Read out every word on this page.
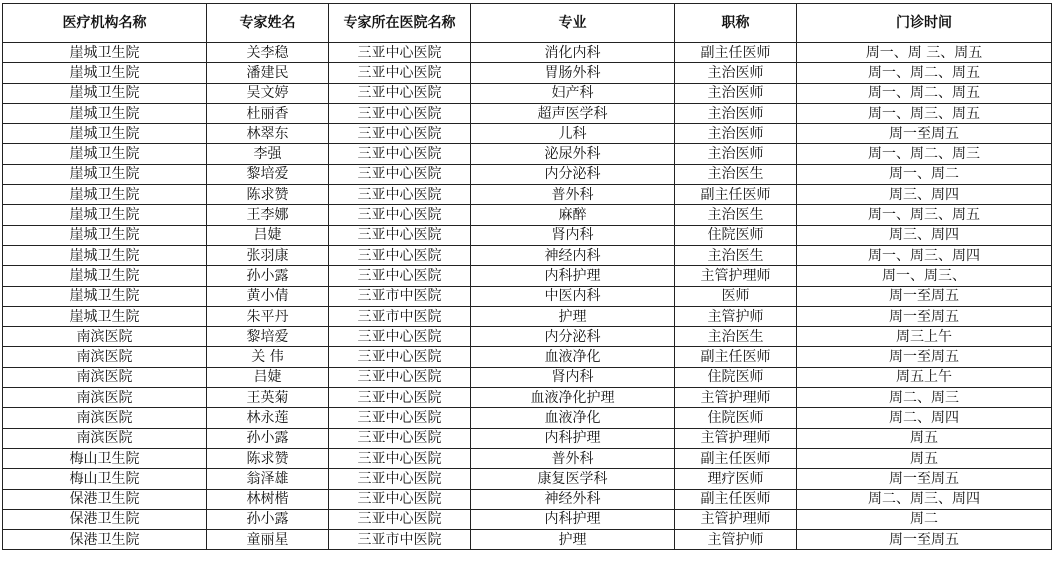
医疗机构名称	专家姓名	专家所在医院名称	专业	职称	门诊时间
崖城卫生院	关李稳	三亚中心医院	消化内科	副主任医师	周一、周 三、周五
崖城卫生院	潘建民	三亚中心医院	胃肠外科	主治医师	周一、周二、周五
崖城卫生院	吴文婷	三亚中心医院	妇产科	主治医师	周一、周二、周五
崖城卫生院	杜丽香	三亚中心医院	超声医学科	主治医师	周一、周三、周五
崖城卫生院	林翠东	三亚中心医院	儿科	主治医师	周一至周五
崖城卫生院	李强	三亚中心医院	泌尿外科	主治医师	周一、周二、周三
崖城卫生院	黎培爱	三亚中心医院	内分泌科	主治医生	周一、周二
崖城卫生院	陈求赞	三亚中心医院	普外科	副主任医师	周三、周四
崖城卫生院	王李娜	三亚中心医院	麻醉	主治医生	周一、周三、周五
崖城卫生院	吕婕	三亚中心医院	肾内科	住院医师	周三、周四
崖城卫生院	张羽康	三亚中心医院	神经内科	主治医生	周一、周三、周四
崖城卫生院	孙小露	三亚中心医院	内科护理	主管护理师	周一、周三、
崖城卫生院	黄小倩	三亚市中医院	中医内科	医师	周一至周五
崖城卫生院	朱平丹	三亚市中医院	护理	主管护师	周一至周五
南滨医院	黎培爱	三亚中心医院	内分泌科	主治医生	周三上午
南滨医院	关 伟	三亚中心医院	血液净化	副主任医师	周一至周五
南滨医院	吕婕	三亚中心医院	肾内科	住院医师	周五上午
南滨医院	王英菊	三亚中心医院	血液净化护理	主管护理师	周二、周三
南滨医院	林永莲	三亚中心医院	血液净化	住院医师	周二、周四
南滨医院	孙小露	三亚中心医院	内科护理	主管护理师	周五
梅山卫生院	陈求赞	三亚中心医院	普外科	副主任医师	周五
梅山卫生院	翁泽雄	三亚中心医院	康复医学科	理疗医师	周一至周五
保港卫生院	林树楷	三亚中心医院	神经外科	副主任医师	周二、周三、周四
保港卫生院	孙小露	三亚中心医院	内科护理	主管护理师	周二
保港卫生院	童丽星	三亚市中医院	护理	主管护师	周一至周五
